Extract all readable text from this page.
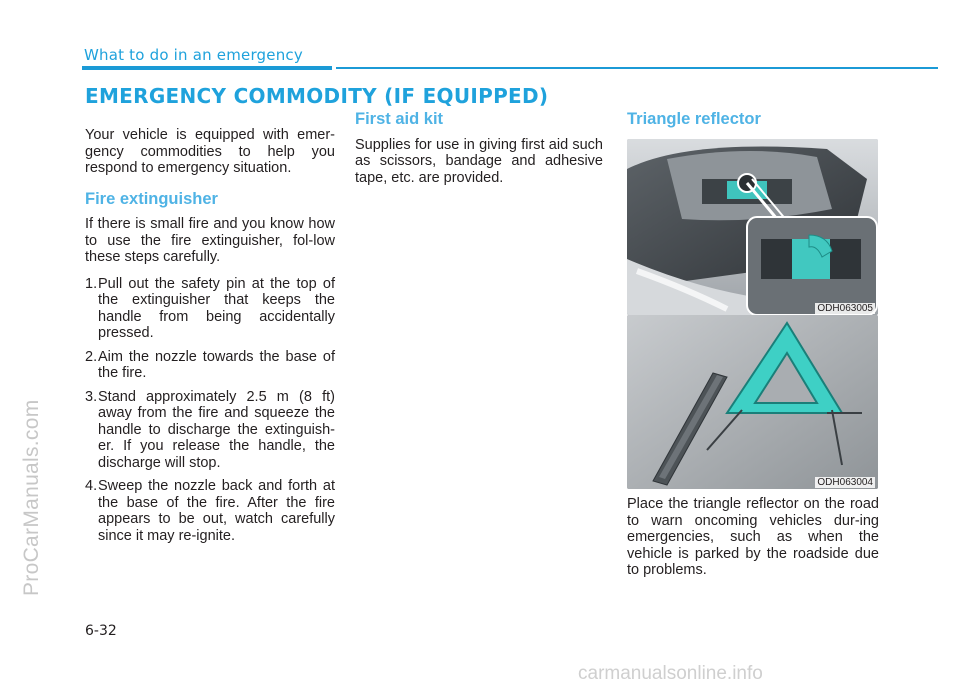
What to do in an emergency
EMERGENCY COMMODITY (IF EQUIPPED)

Your vehicle is equipped with emer-gency commodities to help you respond to emergency situation.

Fire extinguisher

If there is small fire and you know how to use the fire extinguisher, fol-low these steps carefully.

1. Pull out the safety pin at the top of the extinguisher that keeps the handle from being accidentally pressed.
2. Aim the nozzle towards the base of the fire.
3. Stand approximately 2.5 m (8 ft) away from the fire and squeeze the handle to discharge the extinguish-er. If you release the handle, the discharge will stop.
4. Sweep the nozzle back and forth at the base of the fire. After the fire appears to be out, watch carefully since it may re-ignite.
First aid kit

Supplies for use in giving first aid such as scissors, bandage and adhesive tape, etc. are provided.

Triangle reflector
ODH063005
ODH063004

Place the triangle reflector on the road to warn oncoming vehicles dur-ing emergencies, such as when the vehicle is parked by the roadside due to problems.

6-32
ProCarManuals.com
carmanualsonline.info
